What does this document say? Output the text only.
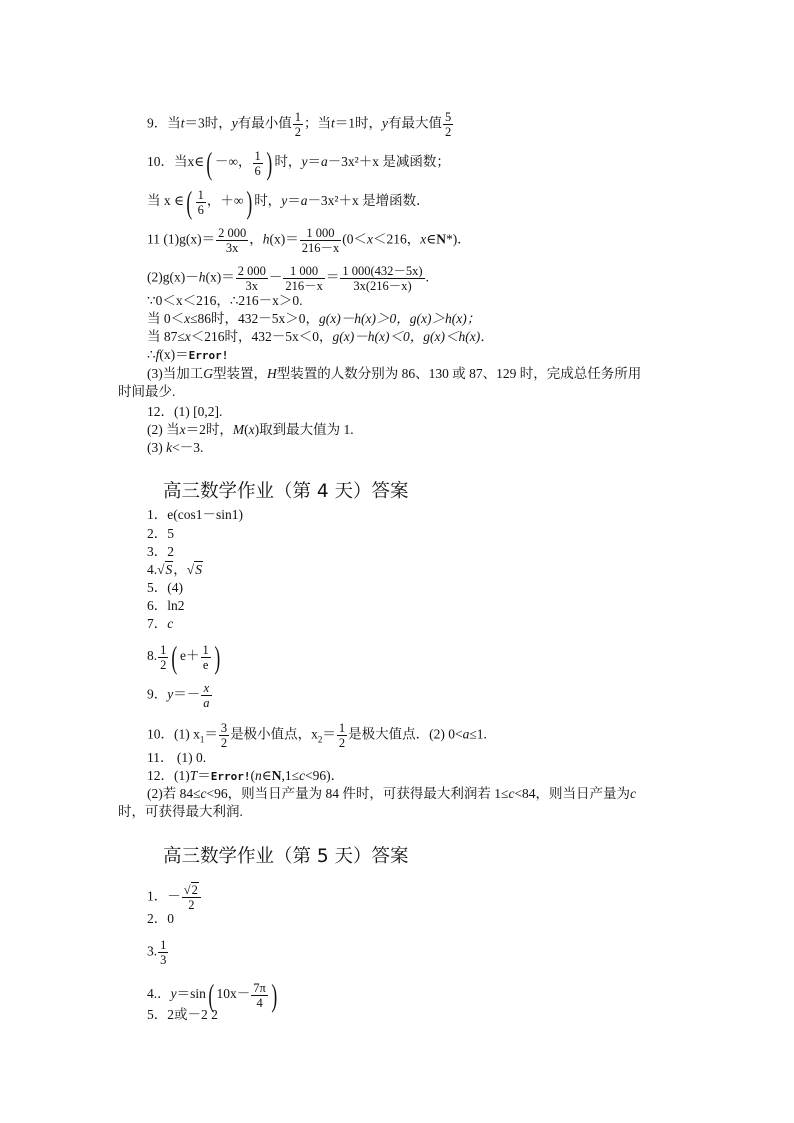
9．当t＝3时，y有最小值 $\frac{1}{2}$ ；当t＝1时，y有最大值 $\frac{5}{2}$
10．当x∈( －∞， $\frac{1}{6}$ ) 时，y＝a－3x²＋x 是减函数；
当 x ∈( $\frac{1}{6}$ ，＋∞) 时，y＝a－3x²＋x 是增函数．
11 $(1)g(x)= \frac{2 000}{3x}$ ，$h(x)= \frac{1 000}{216-x} (0<x<216$，x∈N*)．
$(2)g(x)-h(x)= \frac{2 000}{3x} - \frac{1 000}{216-x} = \frac{1 000(432-5x)}{3x(216-x)}$ .
∵0＜x＜216，∴216－x＞0.
当 0＜x≤86时，432－5x＞0，g(x)－h(x)＞0，g(x)＞h(x)；
当 87≤x＜216时，432－5x＜0，g(x)－h(x)＜0，g(x)＜h(x)．
∴f(x)＝Error!
(3)当加工G型装置，H型装置的人数分别为 86、130 或 87、129 时，完成总任务所用
时间最少.
12．(1) [0,2].
(2) 当x＝2时，M(x)取到最大值为 1.
(3) k<－3.
高三数学作业（第 4 天）答案
1．e(cos1－sin1)
2．5
3．2
4.√S，√S
5．(4)
6．ln2
7．c
8. $\frac{1}{2}$ ( $e+ \frac{1}{e}$ )
9．$y=- \frac{x}{a}$
10．(1) $x_1= \frac{3}{2}$ 是极小值点，$x_2= \frac{1}{2}$ 是极大值点．(2) 0<a≤1.
11． (1) 0.
12．(1)T＝Error!(n∈N,1≤c<96)．
(2)若 84≤c<96，则当日产量为 84 件时，可获得最大利润若 1≤c<84，则当日产量为c
时，可获得最大利润.
高三数学作业（第 5 天）答案
1．－ $\frac{√2}{2}$
2．0
3. $\frac{1}{3}$
4.．y＝sin( $10x- \frac{7\pi}{4}$ )
5．2或－2 2
